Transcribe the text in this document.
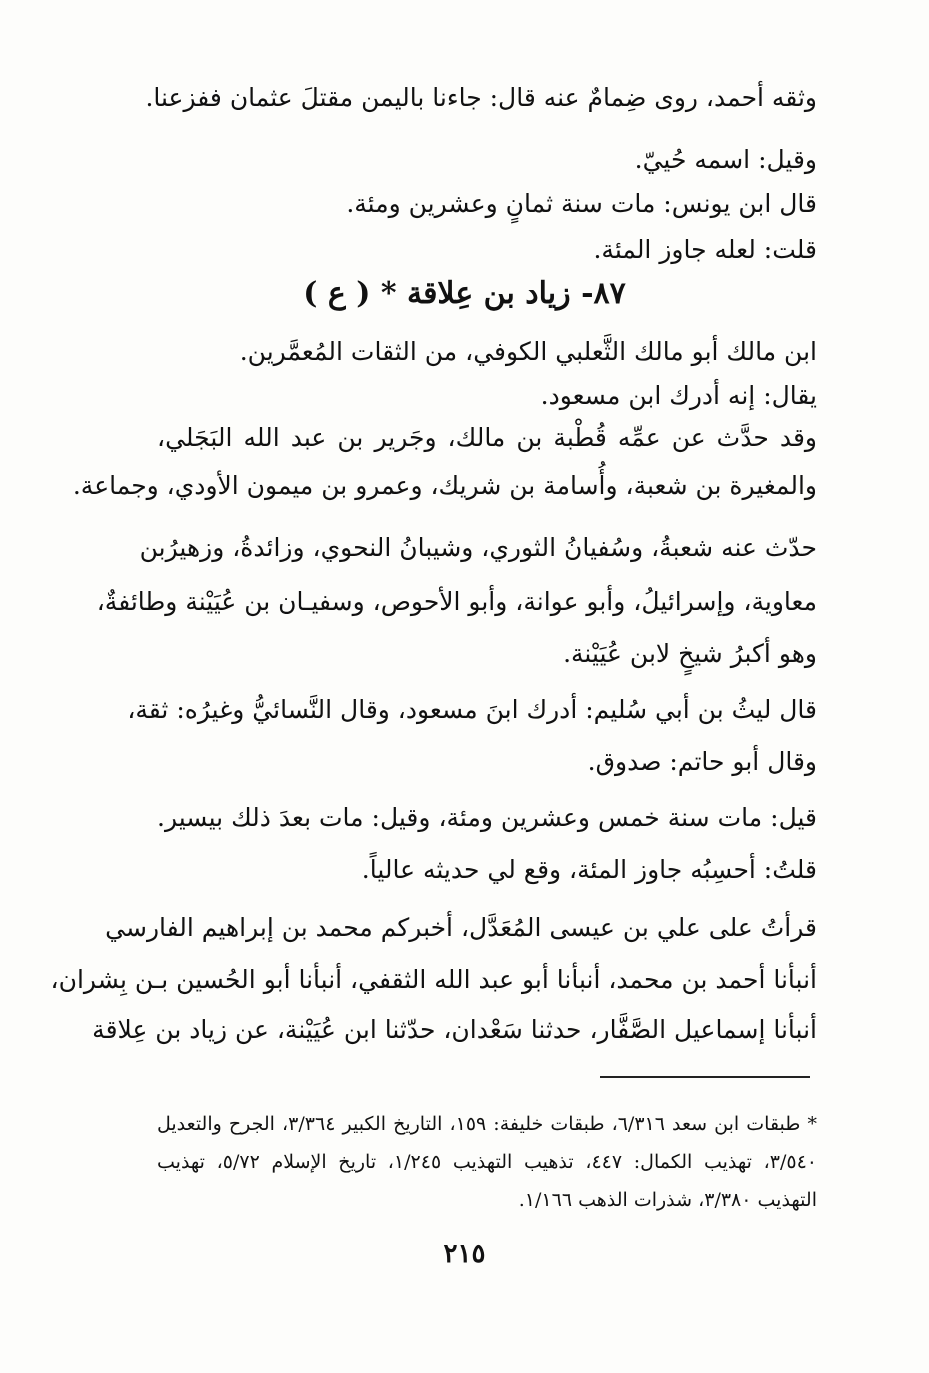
وثقه أحمد، روى ضِمامٌ عنه قال: جاءنا باليمن مقتلَ عثمان ففزعنا.
وقيل: اسمه حُييّ.
قال ابن يونس: مات سنة ثمانٍ وعشرين ومئة.
قلت: لعله جاوز المئة.
٨٧- زياد بن عِلاقة * ( ع )
ابن مالك أبو مالك الثَّعلبي الكوفي، من الثقات المُعمَّرين.
يقال: إنه أدرك ابن مسعود.
وقد حدَّث عن عمِّه قُطْبة بن مالك، وجَرير بن عبد الله البَجَلي،
والمغيرة بن شعبة، وأُسامة بن شريك، وعمرو بن ميمون الأودي، وجماعة.
حدّث عنه شعبةُ، وسُفيانُ الثوري، وشيبانُ النحوي، وزائدةُ، وزهيرُبن
معاوية، وإسرائيلُ، وأبو عوانة، وأبو الأحوص، وسفيـان بن عُيَيْنة وطائفةٌ،
وهو أكبرُ شيخٍ لابن عُيَيْنة.
قال ليثُ بن أبي سُليم: أدرك ابنَ مسعود، وقال النَّسائيُّ وغيرُه: ثقة،
وقال أبو حاتم: صدوق.
قيل: مات سنة خمس وعشرين ومئة، وقيل: مات بعدَ ذلك بيسير.
قلتُ: أحسِبُه جاوز المئة، وقع لي حديثه عالياً.
قرأتُ على علي بن عيسى المُعَدَّل، أخبركم محمد بن إبراهيم الفارسي
أنبأنا أحمد بن محمد، أنبأنا أبو عبد الله الثقفي، أنبأنا أبو الحُسين بـن بِشران،
أنبأنا إسماعيل الصَّفَّار، حدثنا سَعْدان، حدّثنا ابن عُيَيْنة، عن زياد بن عِلاقة
* طبقات ابن سعد ٦/٣١٦، طبقات خليفة: ١٥٩، التاريخ الكبير ٣/٣٦٤، الجرح والتعديل
٣/٥٤٠، تهذيب الكمال: ٤٤٧، تذهيب التهذيب ١/٢٤٥، تاريخ الإسلام ٥/٧٢، تهذيب
التهذيب ٣/٣٨٠، شذرات الذهب ١/١٦٦.
٢١٥
